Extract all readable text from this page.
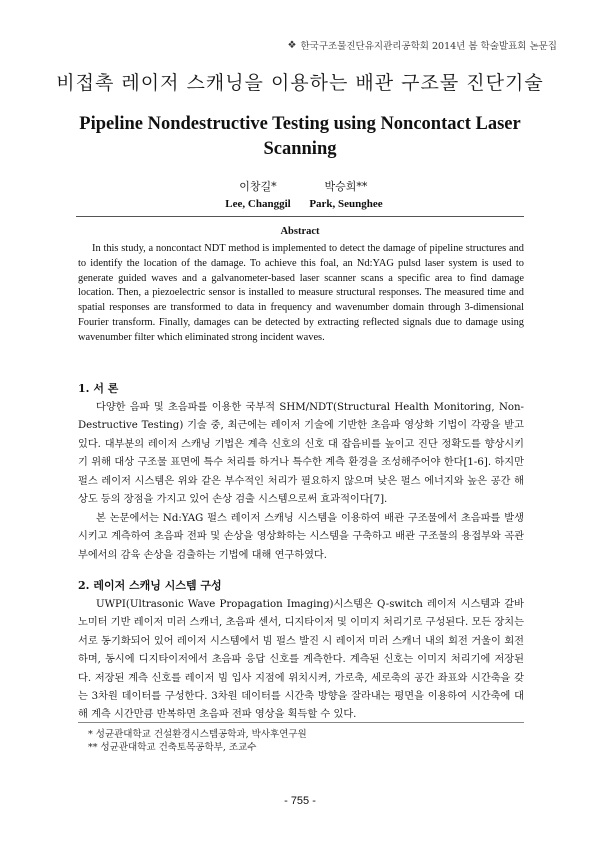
❖ 한국구조물진단유지관리공학회 2014년 봄 학술발표회 논문집
비접촉 레이저 스캐닝을 이용하는 배관 구조물 진단기술
Pipeline Nondestructive Testing using Noncontact Laser Scanning
이창길*
Lee, Changgil
박승희**
Park, Seunghee
Abstract
In this study, a noncontact NDT method is implemented to detect the damage of pipeline structures and to identify the location of the damage. To achieve this foal, an Nd:YAG pulsd laser system is used to generate guided waves and a galvanometer-based laser scanner scans a specific area to find damage location. Then, a piezoelectric sensor is installed to measure structural responses. The measured time and spatial responses are transformed to data in frequency and wavenumber domain through 3-dimensional Fourier transform. Finally, damages can be detected by extracting reflected signals due to damage using wavenumber filter which eliminated strong incident waves.
1. 서 론
다양한 음파 및 초음파를 이용한 국부적 SHM/NDT(Structural Health Monitoring, Non-Destructive Testing) 기술 중, 최근에는 레이저 기술에 기반한 초음파 영상화 기법이 각광을 받고 있다. 대부분의 레이저 스캐닝 기법은 계측 신호의 신호 대 잡음비를 높이고 진단 정확도를 향상시키기 위해 대상 구조물 표면에 특수 처리를 하거나 특수한 계측 환경을 조성해주어야 한다[1-6]. 하지만 펄스 레이저 시스템은 위와 같은 부수적인 처리가 필요하지 않으며 낮은 펄스 에너지와 높은 공간 해상도 등의 장점을 가지고 있어 손상 검출 시스템으로써 효과적이다[7].
본 논문에서는 Nd:YAG 펄스 레이저 스캐닝 시스템을 이용하여 배관 구조물에서 초음파를 발생시키고 계측하여 초음파 전파 및 손상을 영상화하는 시스템을 구축하고 배관 구조물의 용접부와 곡관부에서의 감육 손상을 검출하는 기법에 대해 연구하였다.
2. 레이저 스캐닝 시스템 구성
UWPI(Ultrasonic Wave Propagation Imaging)시스템은 Q-switch 레이저 시스템과 갈바노미터 기반 레이저 미러 스캐너, 초음파 센서, 디지타이저 및 이미지 처리기로 구성된다. 모든 장치는 서로 동기화되어 있어 레이저 시스템에서 빔 펄스 발진 시 레이저 미러 스캐너 내의 회전 거울이 회전하며, 동시에 디지타이저에서 초음파 응답 신호를 계측한다. 계측된 신호는 이미지 처리기에 저장된다. 저장된 계측 신호를 레이저 빔 입사 지점에 위치시켜, 가로축, 세로축의 공간 좌표와 시간축을 갖는 3차원 데이터를 구성한다. 3차원 데이터를 시간축 방향을 잘라내는 평면을 이용하여 시간축에 대해 계측 시간만큼 반복하면 초음파 전파 영상을 획득할 수 있다.
* 성균관대학교 건설환경시스템공학과, 박사후연구원
** 성균관대학교 건축토목공학부, 조교수
- 755 -
